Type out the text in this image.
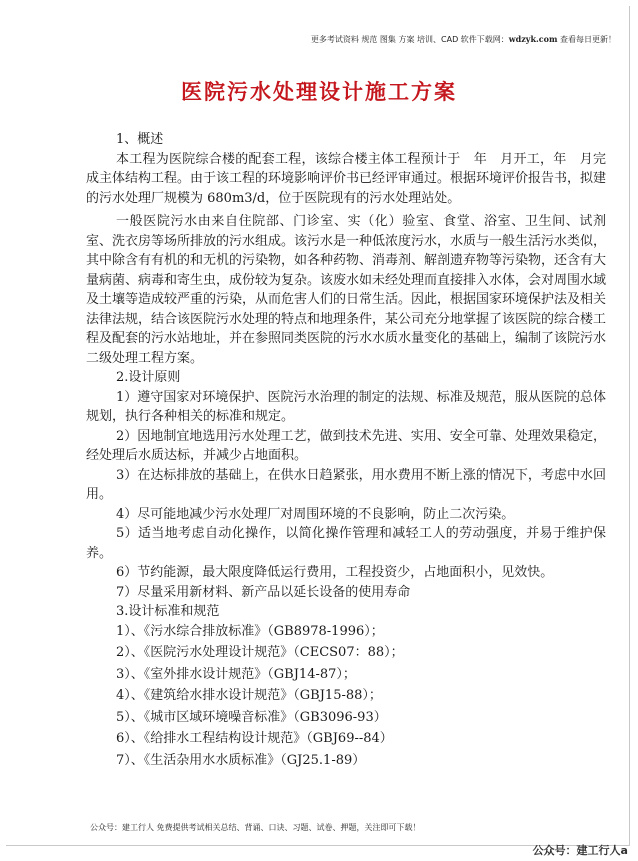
更多考试资料 规范 图集 方案 培训、CAD 软件下载网：wdzyk.com 查看每日更新！
医院污水处理设计施工方案

1、概述

本工程为医院综合楼的配套工程，该综合楼主体工程预计于　年　月开工，年　月完成主体结构工程。由于该工程的环境影响评价书已经评审通过。根据环境评价报告书，拟建的污水处理厂规模为 680m3/d，位于医院现有的污水处理站处。

一般医院污水由来自住院部、门诊室、实（化）验室、食堂、浴室、卫生间、试剂室、洗衣房等场所排放的污水组成。该污水是一种低浓度污水，水质与一般生活污水类似，其中除含有有机的和无机的污染物，如各种药物、消毒剂、解剖遗弃物等污染物，还含有大量病菌、病毒和寄生虫，成份较为复杂。该废水如未经处理而直接排入水体，会对周围水域及土壤等造成较严重的污染，从而危害人们的日常生活。因此，根据国家环境保护法及相关法律法规，结合该医院污水处理的特点和地理条件，某公司充分地掌握了该医院的综合楼工程及配套的污水站地址，并在参照同类医院的污水水质水量变化的基础上，编制了该院污水二级处理工程方案。

2.设计原则

1）遵守国家对环境保护、医院污水治理的制定的法规、标准及规范，服从医院的总体规划，执行各种相关的标准和规定。

2）因地制宜地选用污水处理工艺，做到技术先进、实用、安全可靠、处理效果稳定，经处理后水质达标，并减少占地面积。

3）在达标排放的基础上，在供水日趋紧张，用水费用不断上涨的情况下，考虑中水回用。

4）尽可能地减少污水处理厂对周围环境的不良影响，防止二次污染。

5）适当地考虑自动化操作，以简化操作管理和减轻工人的劳动强度，并易于维护保养。

6）节约能源，最大限度降低运行费用，工程投资少，占地面积小，见效快。

7）尽量采用新材料、新产品以延长设备的使用寿命

3.设计标准和规范

1）、《污水综合排放标准》（GB8978-1996）；

2）、《医院污水处理设计规范》（CECS07：88）；

3）、《室外排水设计规范》（GBJ14-87）；

4）、《建筑给水排水设计规范》（GBJ15-88）；

5）、《城市区域环境噪音标准》（GB3096-93）

6）、《给排水工程结构设计规范》（GBJ69--84）

7）、《生活杂用水水质标准》（GJ25.1-89）

公众号：建工行人 免费提供考试相关总结、背诵、口诀、习题、试卷、押题，关注即可下载！
公众号：建工行人a
